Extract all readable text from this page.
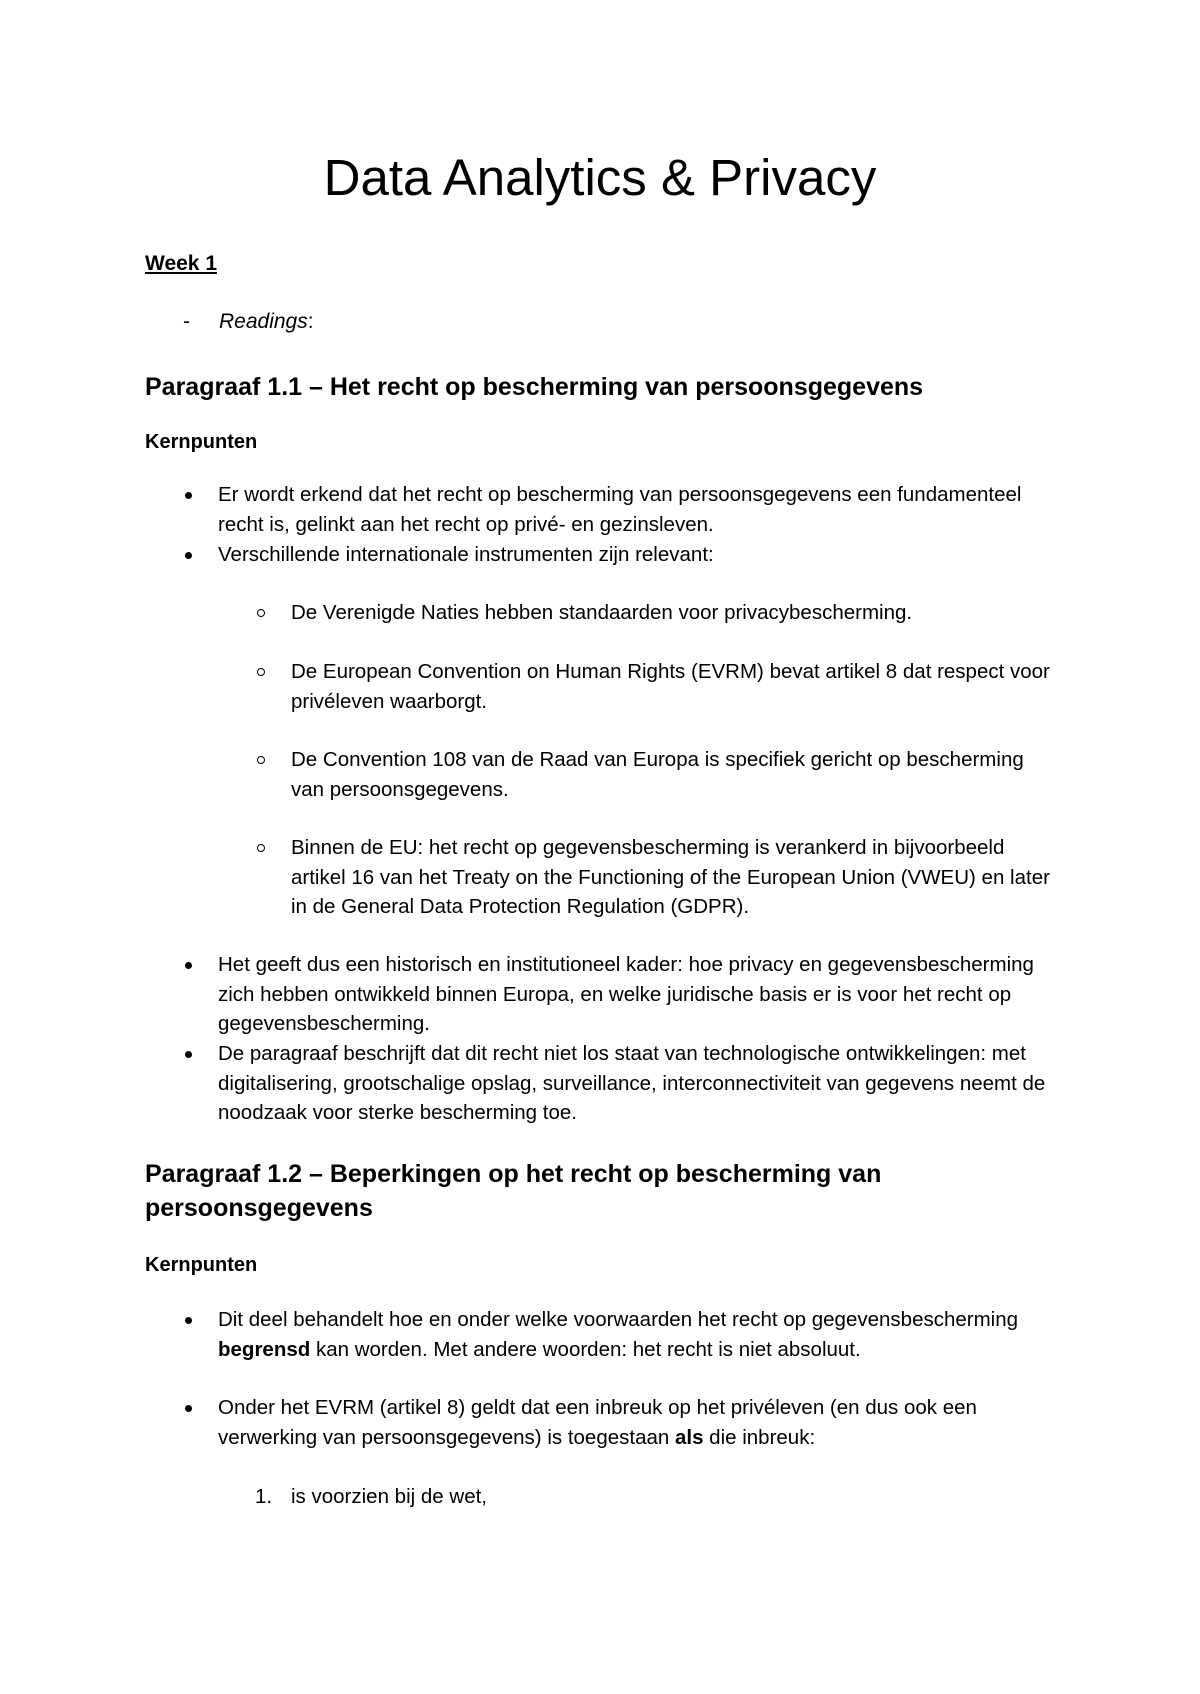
Data Analytics & Privacy
Week 1
- Readings:
Paragraaf 1.1 – Het recht op bescherming van persoonsgegevens
Kernpunten
Er wordt erkend dat het recht op bescherming van persoonsgegevens een fundamenteel recht is, gelinkt aan het recht op privé- en gezinsleven.
Verschillende internationale instrumenten zijn relevant:
De Verenigde Naties hebben standaarden voor privacybescherming.
De European Convention on Human Rights (EVRM) bevat artikel 8 dat respect voor privéleven waarborgt.
De Convention 108 van de Raad van Europa is specifiek gericht op bescherming van persoonsgegevens.
Binnen de EU: het recht op gegevensbescherming is verankerd in bijvoorbeeld artikel 16 van het Treaty on the Functioning of the European Union (VWEU) en later in de General Data Protection Regulation (GDPR).
Het geeft dus een historisch en institutioneel kader: hoe privacy en gegevensbescherming zich hebben ontwikkeld binnen Europa, en welke juridische basis er is voor het recht op gegevensbescherming.
De paragraaf beschrijft dat dit recht niet los staat van technologische ontwikkelingen: met digitalisering, grootschalige opslag, surveillance, interconnectiviteit van gegevens neemt de noodzaak voor sterke bescherming toe.
Paragraaf 1.2 – Beperkingen op het recht op bescherming van persoonsgegevens
Kernpunten
Dit deel behandelt hoe en onder welke voorwaarden het recht op gegevensbescherming begrensd kan worden. Met andere woorden: het recht is niet absoluut.
Onder het EVRM (artikel 8) geldt dat een inbreuk op het privéleven (en dus ook een verwerking van persoonsgegevens) is toegestaan als die inbreuk:
1. is voorzien bij de wet,
